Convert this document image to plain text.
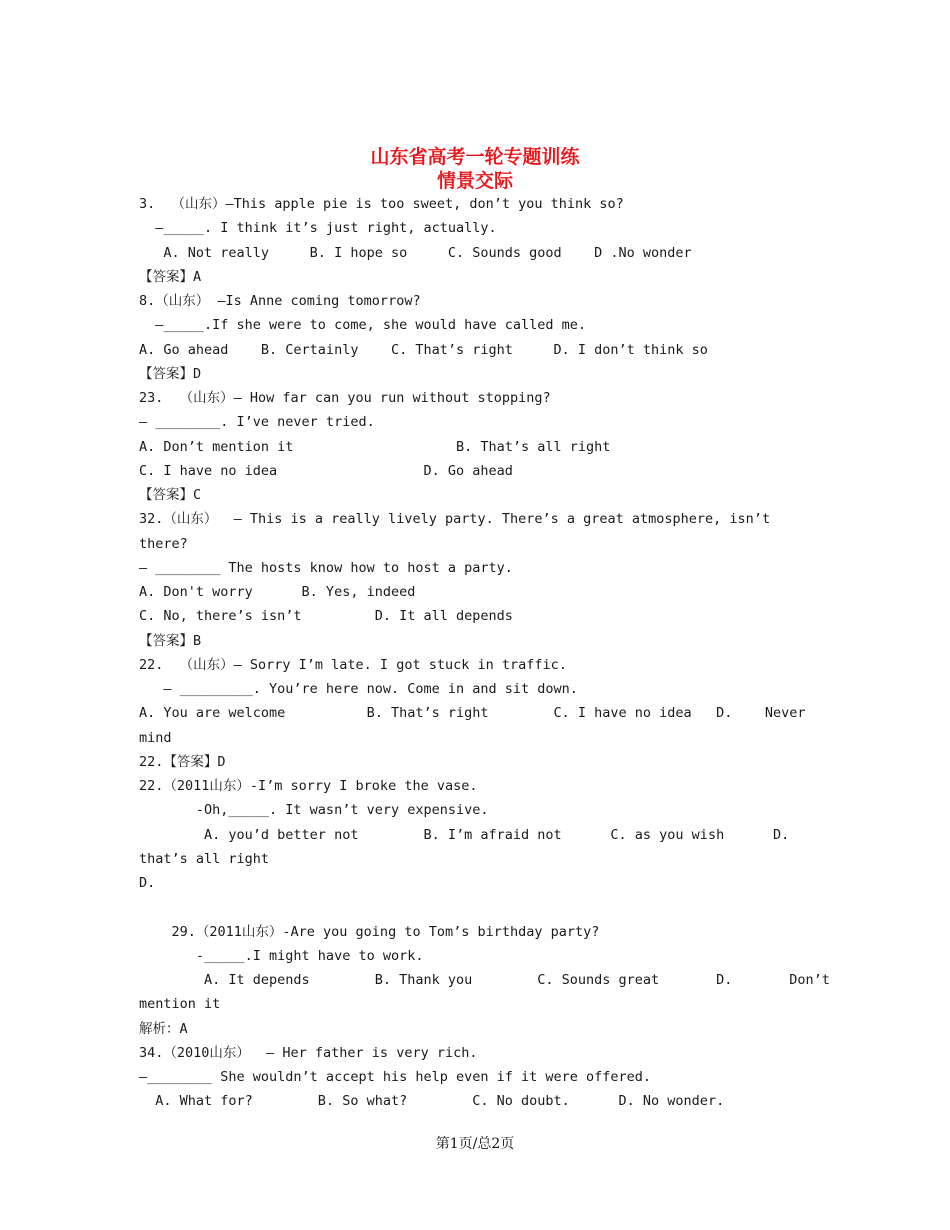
山东省高考一轮专题训练
情景交际
3.  （山东）—This apple pie is too sweet, don’t you think so?
—_____. I think it’s just right, actually.
A. Not really     B. I hope so     C. Sounds good    D .No wonder
【答案】A
8.（山东） —Is Anne coming tomorrow?
—_____.If she were to come, she would have called me.
A. Go ahead    B. Certainly    C. That’s right     D. I don’t think so
【答案】D
23.  （山东）— How far can you run without stopping?
— ________. I’ve never tried.
A. Don’t mention it                    B. That’s all right
C. I have no idea                  D. Go ahead
【答案】C
32.（山东）  — This is a really lively party. There’s a great atmosphere, isn’t
there?
— ________ The hosts know how to host a party.
A. Don't worry      B. Yes, indeed
C. No, there’s isn’t         D. It all depends
【答案】B
22.  （山东）— Sorry I’m late. I got stuck in traffic.
— _________. You’re here now. Come in and sit down.
A. You are welcome          B. That’s right        C. I have no idea   D.    Never
mind
22.【答案】D
22.（2011山东）-I’m sorry I broke the vase.
-Oh,_____. It wasn’t very expensive.
A. you’d better not        B. I’m afraid not      C. as you wish      D.
that’s all right
D.
29.（2011山东）-Are you going to Tom’s birthday party?
-_____.I might have to work.
A. It depends        B. Thank you        C. Sounds great       D.       Don’t
mention it
解析：A
34.（2010山东）  — Her father is very rich.
—________ She wouldn’t accept his help even if it were offered.
A. What for?        B. So what?        C. No doubt.      D. No wonder.
第1页/总2页
